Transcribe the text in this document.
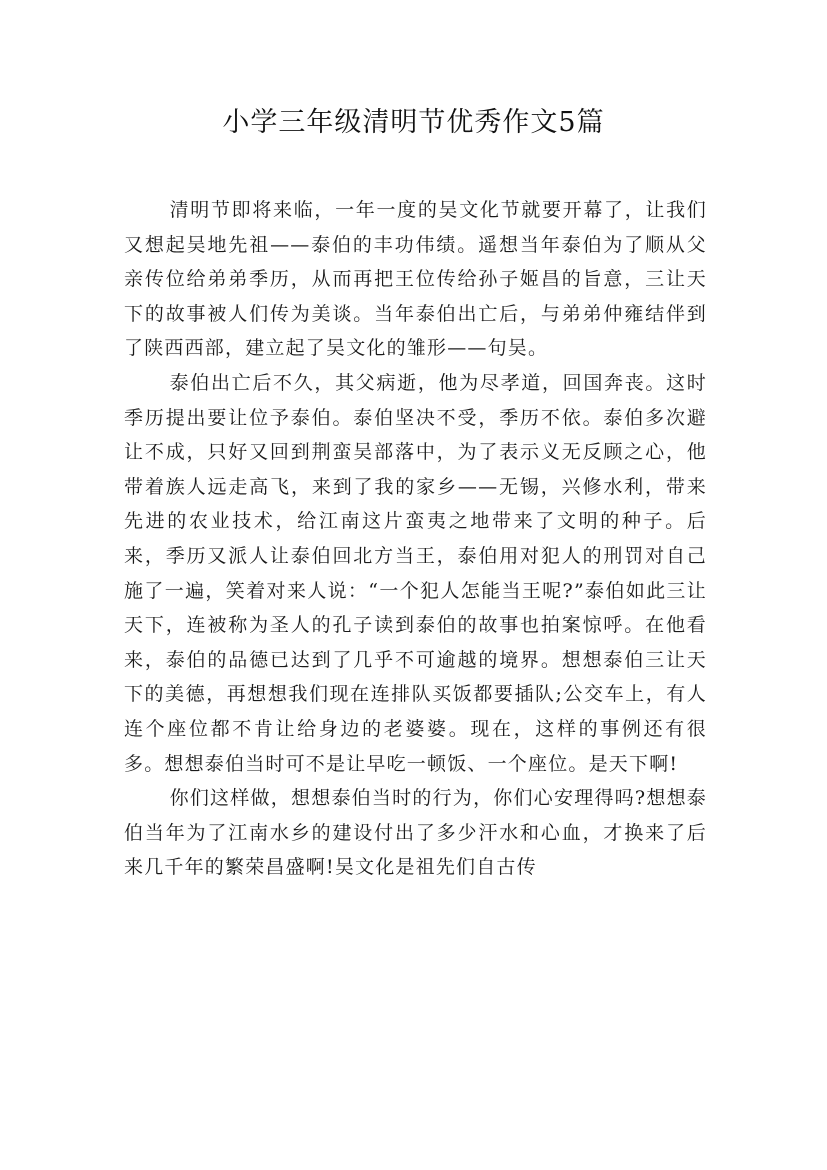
小学三年级清明节优秀作文5篇

清明节即将来临，一年一度的吴文化节就要开幕了，让我们又想起吴地先祖——泰伯的丰功伟绩。遥想当年泰伯为了顺从父亲传位给弟弟季历，从而再把王位传给孙子姬昌的旨意，三让天下的故事被人们传为美谈。当年泰伯出亡后，与弟弟仲雍结伴到了陕西西部，建立起了吴文化的雏形——句吴。

泰伯出亡后不久，其父病逝，他为尽孝道，回国奔丧。这时季历提出要让位予泰伯。泰伯坚决不受，季历不依。泰伯多次避让不成，只好又回到荆蛮吴部落中，为了表示义无反顾之心，他带着族人远走高飞，来到了我的家乡——无锡，兴修水利，带来先进的农业技术，给江南这片蛮夷之地带来了文明的种子。后来，季历又派人让泰伯回北方当王，泰伯用对犯人的刑罚对自己施了一遍，笑着对来人说：“一个犯人怎能当王呢?”泰伯如此三让天下，连被称为圣人的孔子读到泰伯的故事也拍案惊呼。在他看来，泰伯的品德已达到了几乎不可逾越的境界。想想泰伯三让天下的美德，再想想我们现在连排队买饭都要插队;公交车上，有人连个座位都不肯让给身边的老婆婆。现在，这样的事例还有很多。想想泰伯当时可不是让早吃一顿饭、一个座位。是天下啊!

你们这样做，想想泰伯当时的行为，你们心安理得吗?想想泰伯当年为了江南水乡的建设付出了多少汗水和心血，才换来了后来几千年的繁荣昌盛啊!吴文化是祖先们自古传
